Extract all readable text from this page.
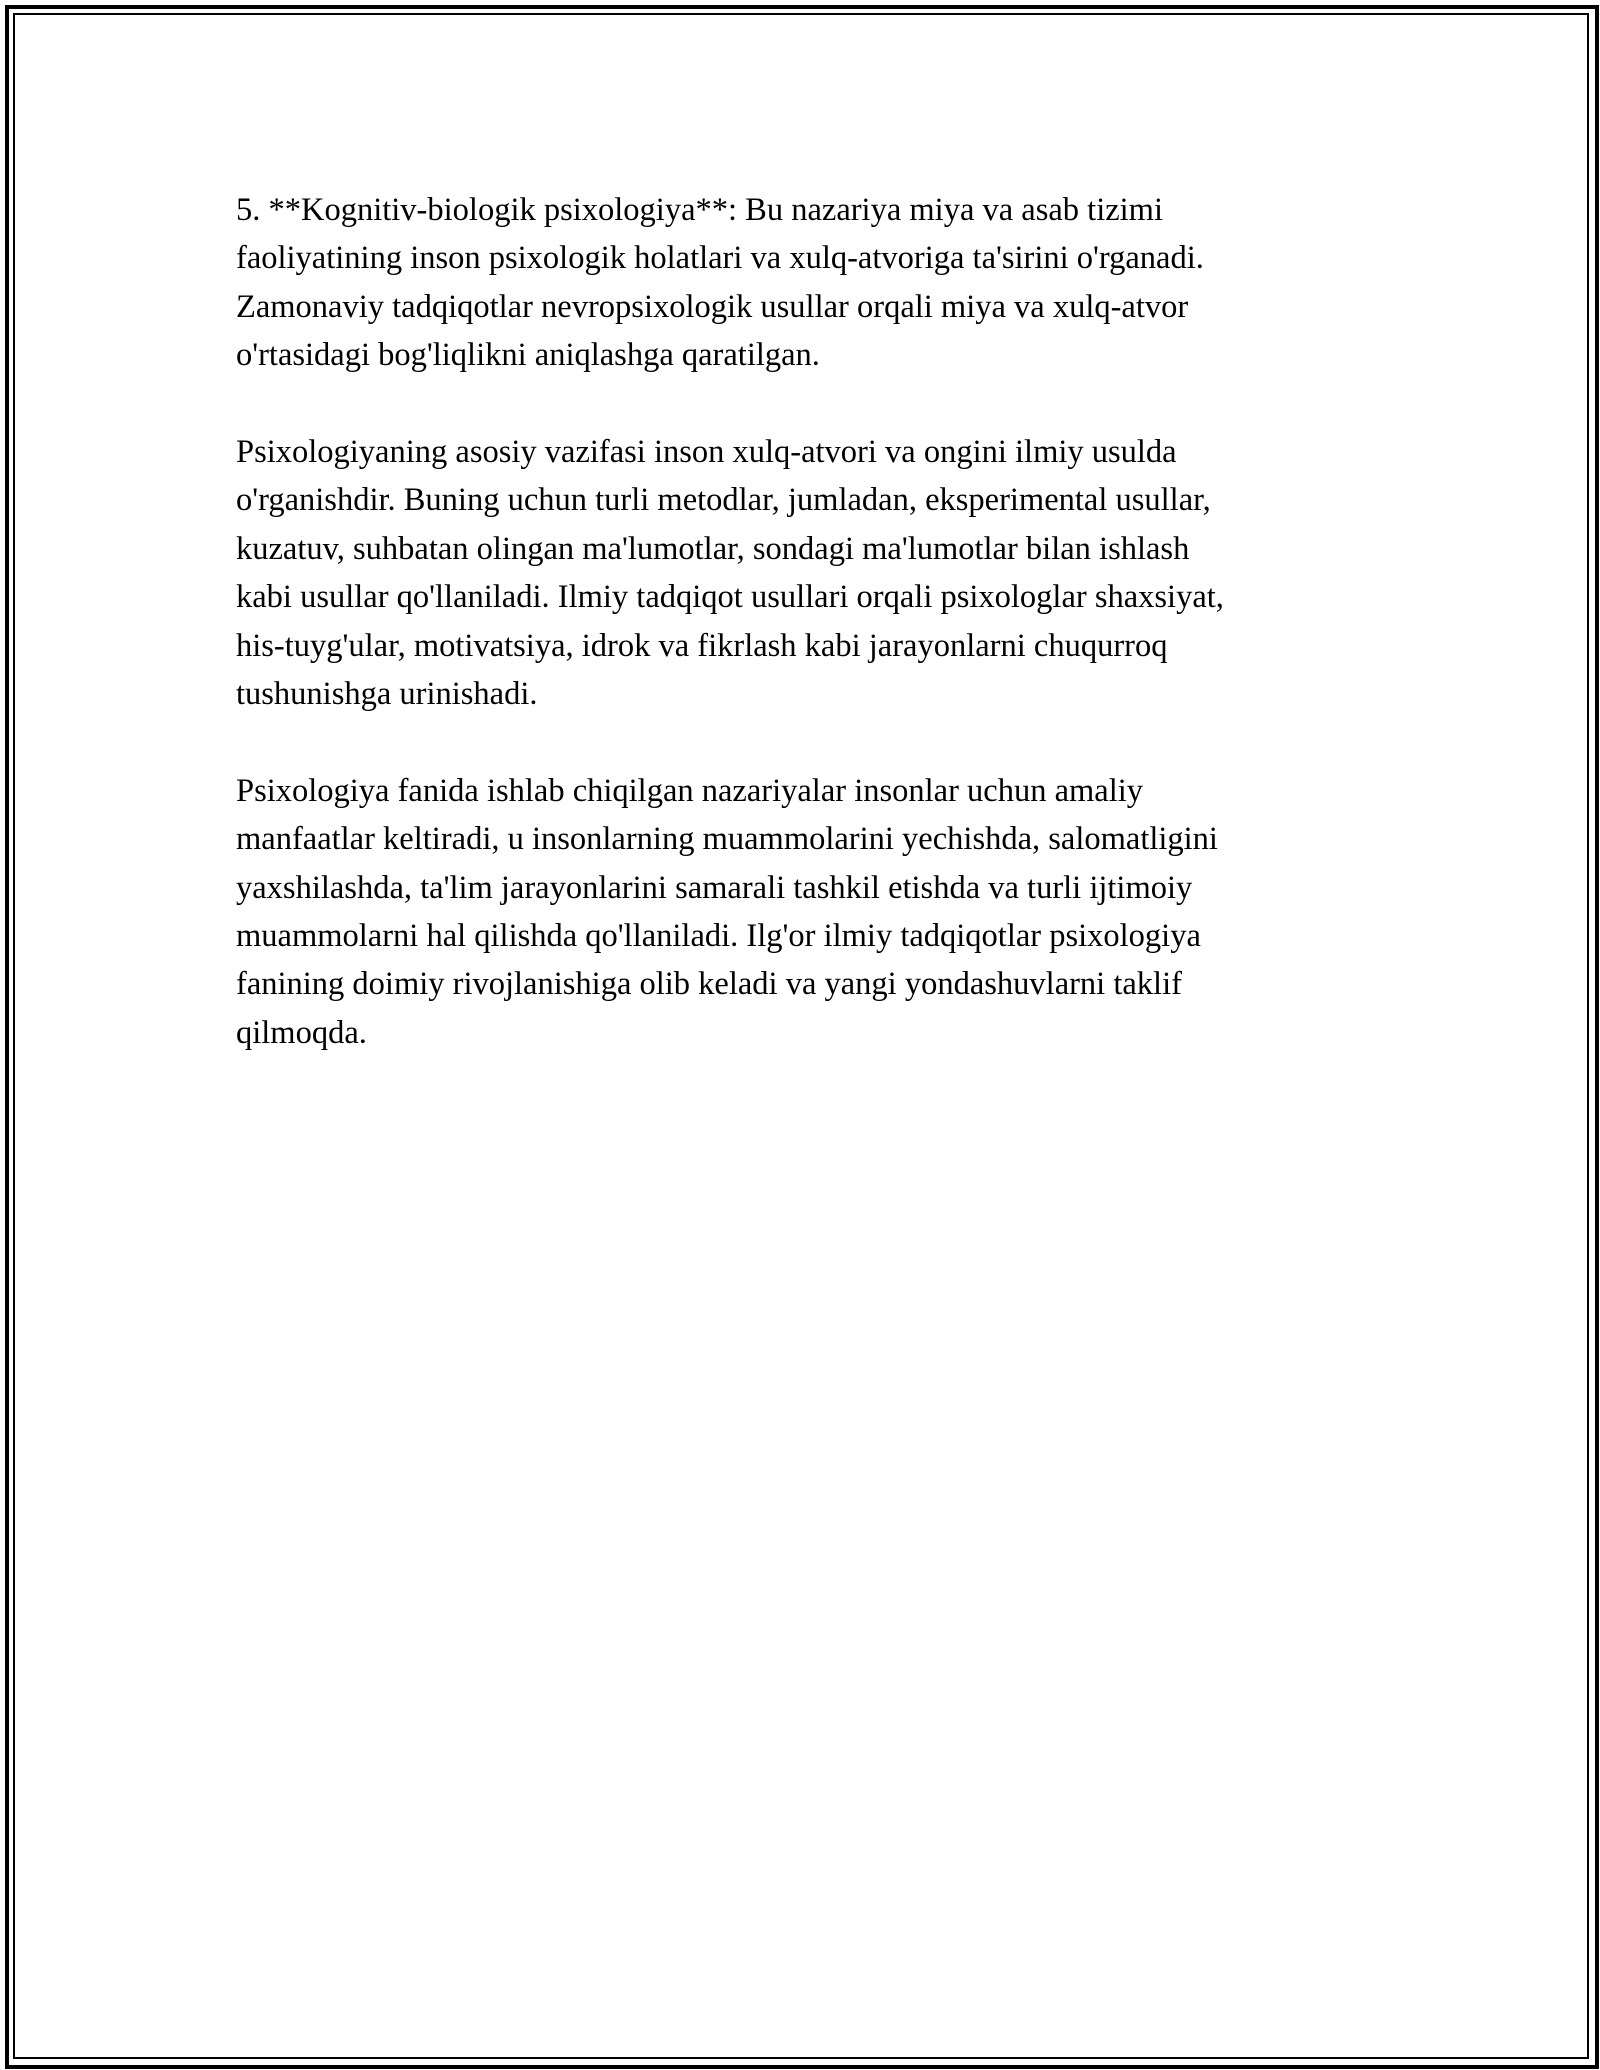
5. **Kognitiv-biologik psixologiya**: Bu nazariya miya va asab tizimi
faoliyatining inson psixologik holatlari va xulq-atvoriga ta'sirini o'rganadi.
Zamonaviy tadqiqotlar nevropsixologik usullar orqali miya va xulq-atvor
o'rtasidagi bog'liqlikni aniqlashga qaratilgan.

Psixologiyaning asosiy vazifasi inson xulq-atvori va ongini ilmiy usulda
o'rganishdir. Buning uchun turli metodlar, jumladan, eksperimental usullar,
kuzatuv, suhbatan olingan ma'lumotlar, sondagi ma'lumotlar bilan ishlash
kabi usullar qo'llaniladi. Ilmiy tadqiqot usullari orqali psixologlar shaxsiyat,
his-tuyg'ular, motivatsiya, idrok va fikrlash kabi jarayonlarni chuqurroq
tushunishga urinishadi.

Psixologiya fanida ishlab chiqilgan nazariyalar insonlar uchun amaliy
manfaatlar keltiradi, u insonlarning muammolarini yechishda, salomatligini
yaxshilashda, ta'lim jarayonlarini samarali tashkil etishda va turli ijtimoiy
muammolarni hal qilishda qo'llaniladi. Ilg'or ilmiy tadqiqotlar psixologiya
fanining doimiy rivojlanishiga olib keladi va yangi yondashuvlarni taklif
qilmoqda.
